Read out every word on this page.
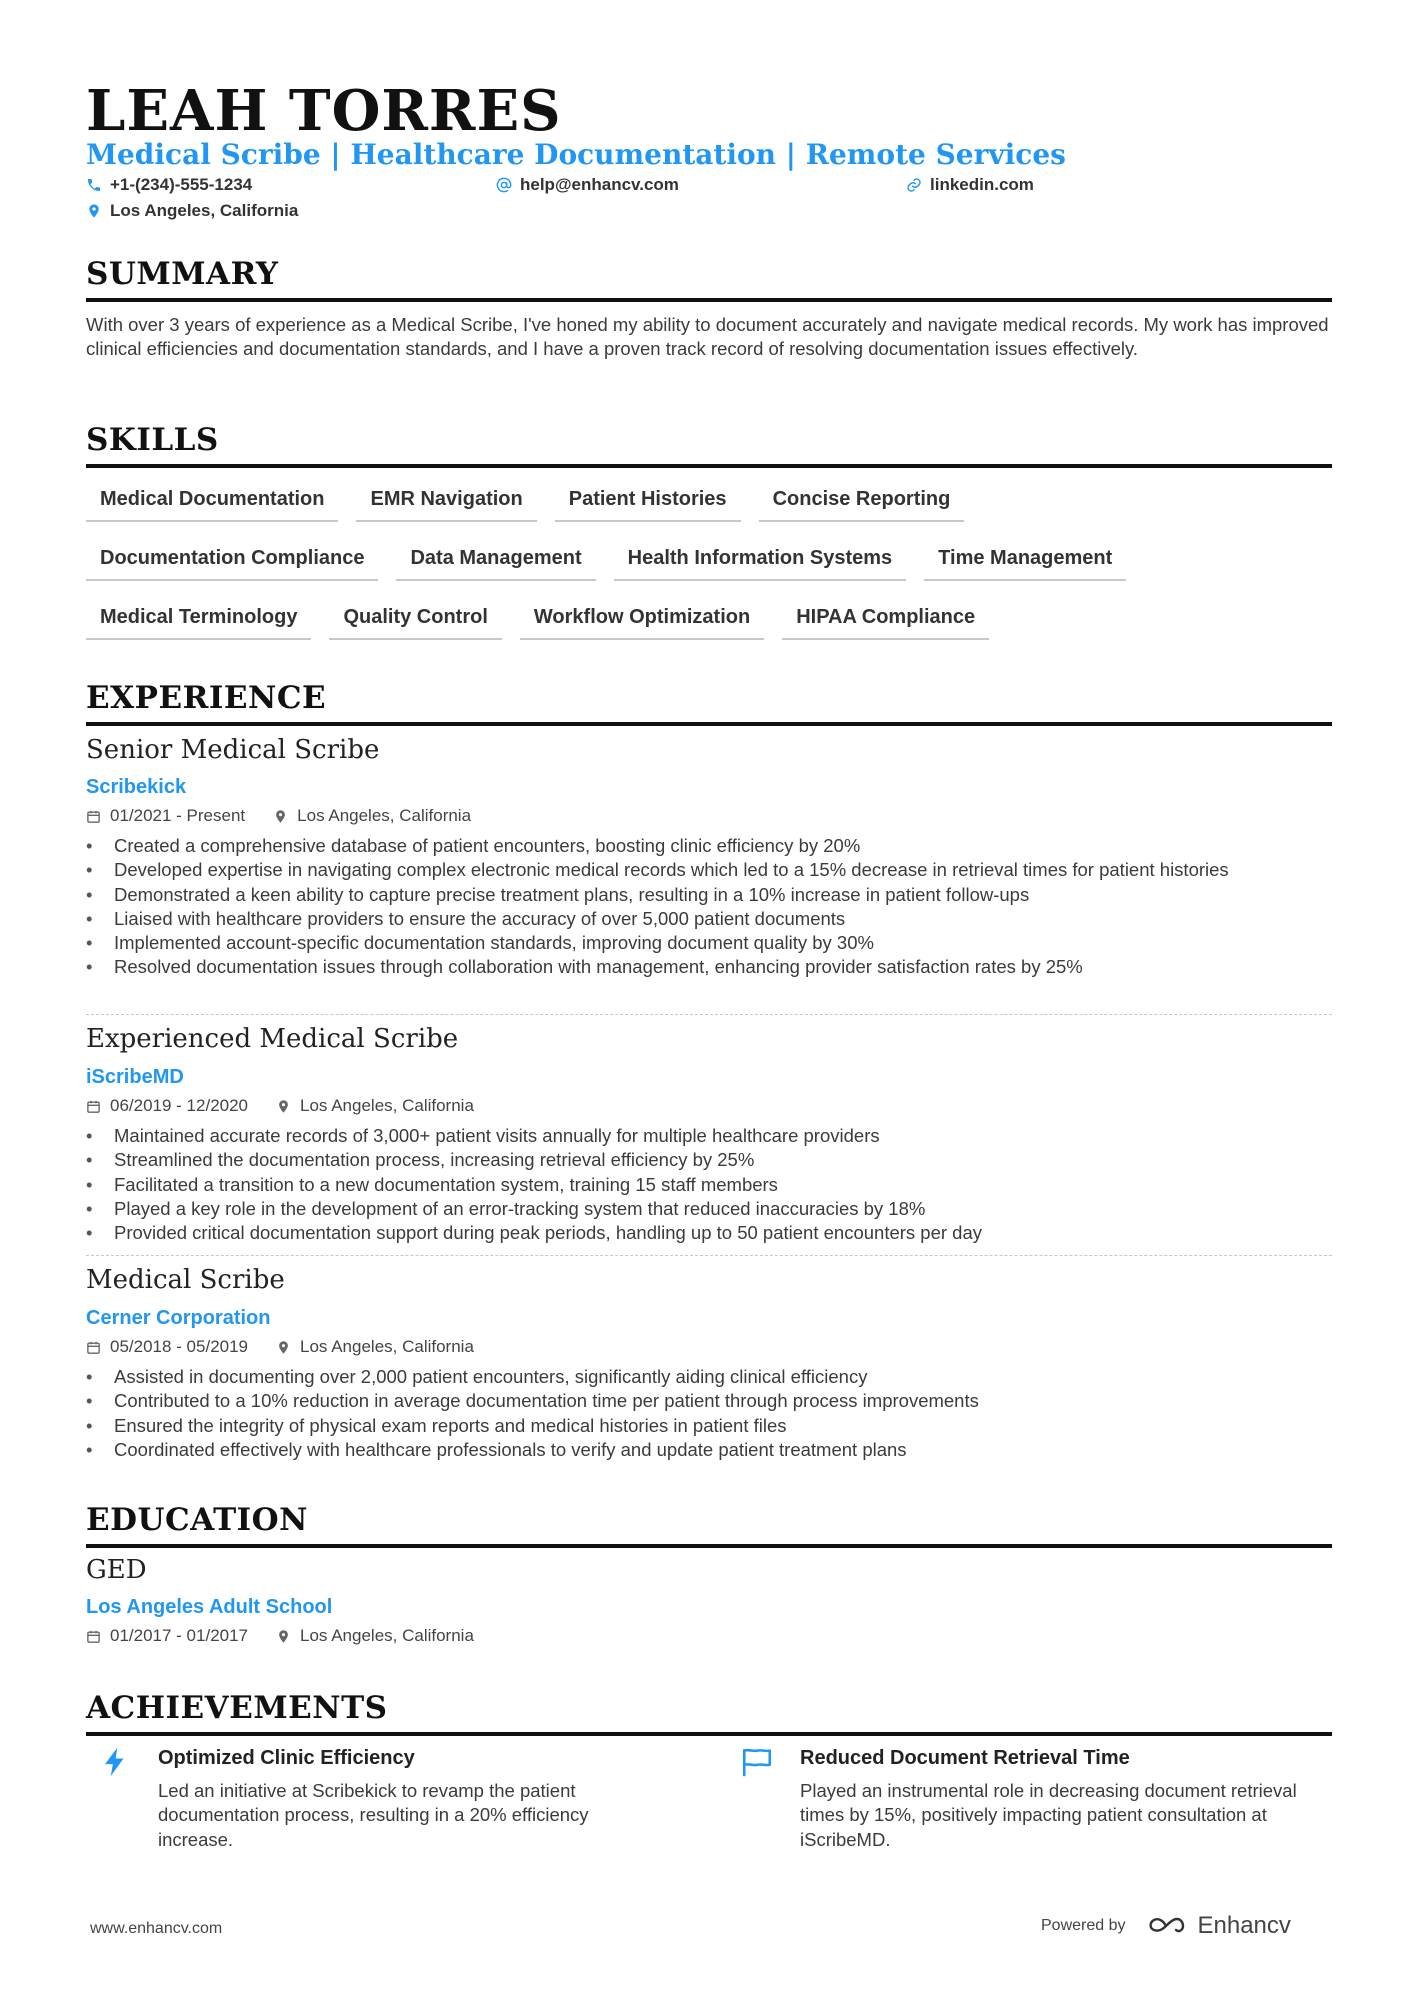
LEAH TORRES
Medical Scribe | Healthcare Documentation | Remote Services
+1-(234)-555-1234	help@enhancv.com	linkedin.com
Los Angeles, California
SUMMARY
With over 3 years of experience as a Medical Scribe, I've honed my ability to document accurately and navigate medical records. My work has improved clinical efficiencies and documentation standards, and I have a proven track record of resolving documentation issues effectively.
SKILLS
Medical Documentation	EMR Navigation	Patient Histories	Concise Reporting
Documentation Compliance	Data Management	Health Information Systems	Time Management
Medical Terminology	Quality Control	Workflow Optimization	HIPAA Compliance
EXPERIENCE
Senior Medical Scribe
Scribekick
01/2021 - Present	Los Angeles, California
• Created a comprehensive database of patient encounters, boosting clinic efficiency by 20%
• Developed expertise in navigating complex electronic medical records which led to a 15% decrease in retrieval times for patient histories
• Demonstrated a keen ability to capture precise treatment plans, resulting in a 10% increase in patient follow-ups
• Liaised with healthcare providers to ensure the accuracy of over 5,000 patient documents
• Implemented account-specific documentation standards, improving document quality by 30%
• Resolved documentation issues through collaboration with management, enhancing provider satisfaction rates by 25%
Experienced Medical Scribe
iScribeMD
06/2019 - 12/2020	Los Angeles, California
• Maintained accurate records of 3,000+ patient visits annually for multiple healthcare providers
• Streamlined the documentation process, increasing retrieval efficiency by 25%
• Facilitated a transition to a new documentation system, training 15 staff members
• Played a key role in the development of an error-tracking system that reduced inaccuracies by 18%
• Provided critical documentation support during peak periods, handling up to 50 patient encounters per day
Medical Scribe
Cerner Corporation
05/2018 - 05/2019	Los Angeles, California
• Assisted in documenting over 2,000 patient encounters, significantly aiding clinical efficiency
• Contributed to a 10% reduction in average documentation time per patient through process improvements
• Ensured the integrity of physical exam reports and medical histories in patient files
• Coordinated effectively with healthcare professionals to verify and update patient treatment plans
EDUCATION
GED
Los Angeles Adult School
01/2017 - 01/2017	Los Angeles, California
ACHIEVEMENTS
Optimized Clinic Efficiency
Led an initiative at Scribekick to revamp the patient documentation process, resulting in a 20% efficiency increase.
Reduced Document Retrieval Time
Played an instrumental role in decreasing document retrieval times by 15%, positively impacting patient consultation at iScribeMD.
www.enhancv.com	Powered by	Enhancv
